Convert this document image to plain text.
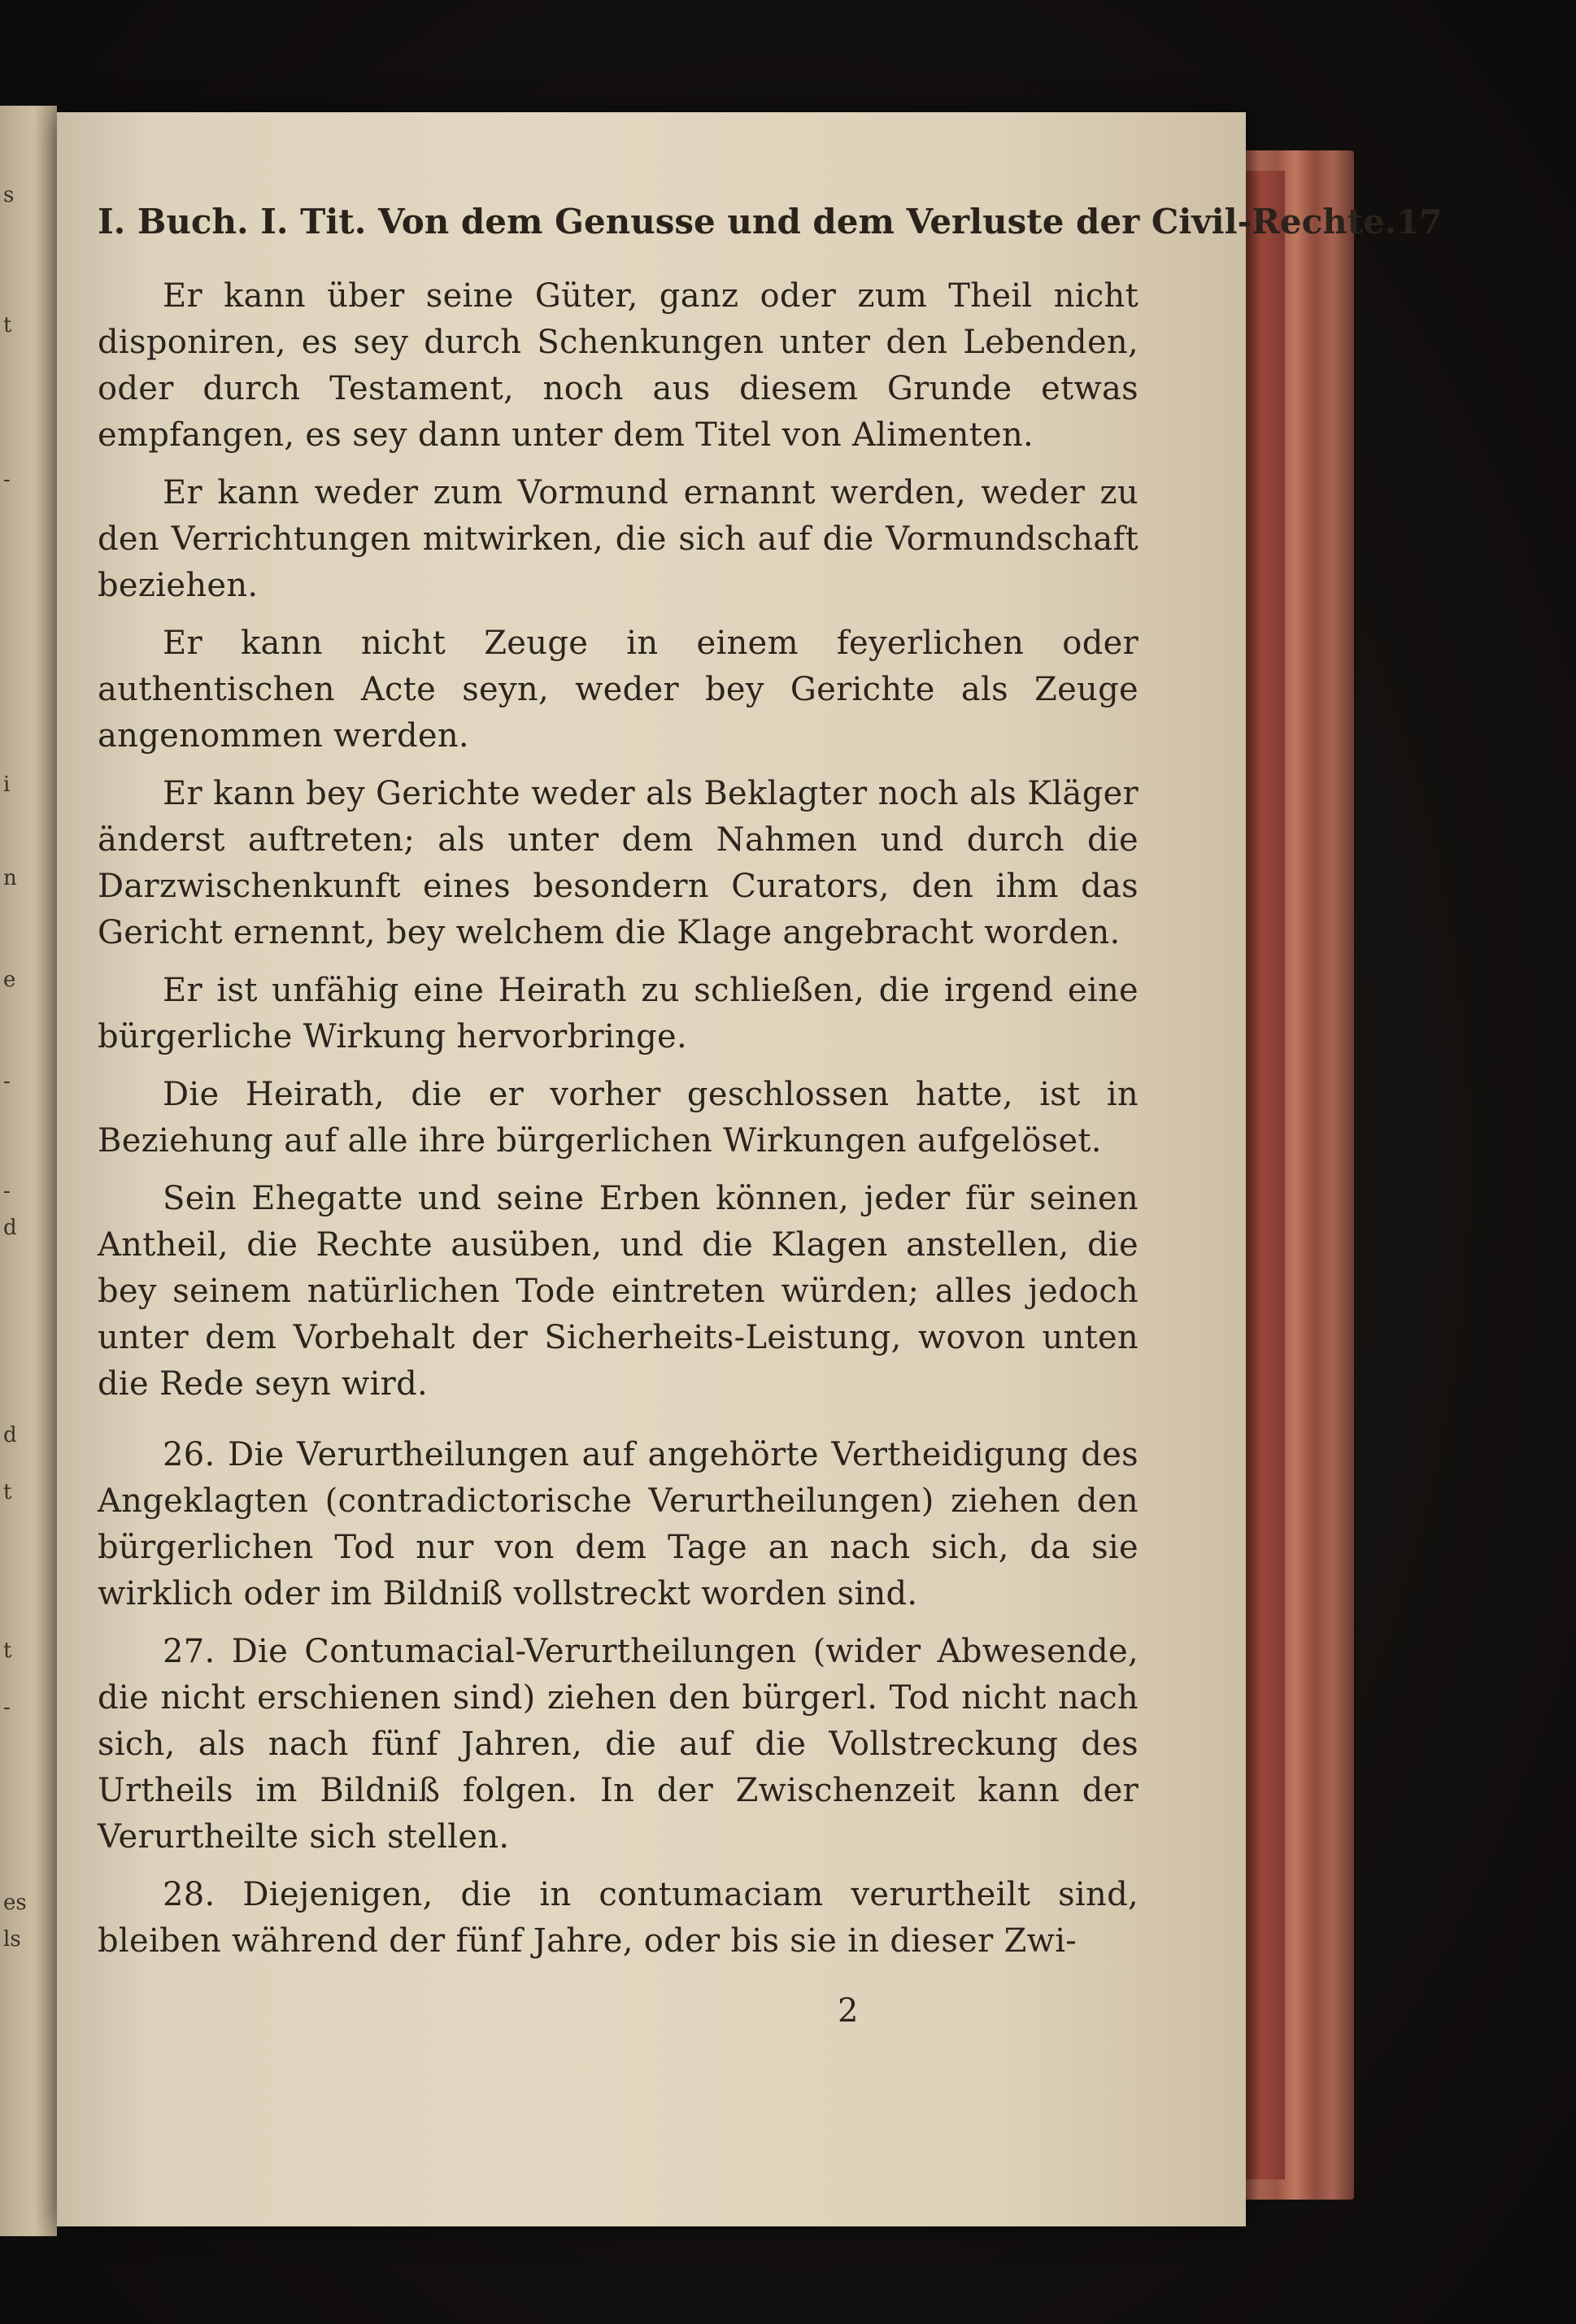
s
t
-
i
n
e
-
-
d
d
t
t
-
es
ls
I. Buch. I. Tit. Von dem Genusse und dem Verluste der Civil-Rechte. 17

Er kann über seine Güter, ganz oder zum Theil nicht disponiren, es sey durch Schenkungen unter den Lebenden, oder durch Testament, noch aus diesem Grunde etwas empfangen, es sey dann unter dem Titel von Alimenten.

Er kann weder zum Vormund ernannt werden, weder zu den Verrichtungen mitwirken, die sich auf die Vormundschaft beziehen.

Er kann nicht Zeuge in einem feyerlichen oder authentischen Acte seyn, weder bey Gerichte als Zeuge angenommen werden.

Er kann bey Gerichte weder als Beklagter noch als Kläger änderst auftreten; als unter dem Nahmen und durch die Darzwischenkunft eines besondern Curators, den ihm das Gericht ernennt, bey welchem die Klage angebracht worden.

Er ist unfähig eine Heirath zu schließen, die irgend eine bürgerliche Wirkung hervorbringe.

Die Heirath, die er vorher geschlossen hatte, ist in Beziehung auf alle ihre bürgerlichen Wirkungen aufgelöset.

Sein Ehegatte und seine Erben können, jeder für seinen Antheil, die Rechte ausüben, und die Klagen anstellen, die bey seinem natürlichen Tode eintreten würden; alles jedoch unter dem Vorbehalt der Sicherheits-Leistung, wovon unten die Rede seyn wird.

26. Die Verurtheilungen auf angehörte Vertheidigung des Angeklagten (contradictorische Verurtheilungen) ziehen den bürgerlichen Tod nur von dem Tage an nach sich, da sie wirklich oder im Bildniß vollstreckt worden sind.

27. Die Contumacial-Verurtheilungen (wider Abwesende, die nicht erschienen sind) ziehen den bürgerl. Tod nicht nach sich, als nach fünf Jahren, die auf die Vollstreckung des Urtheils im Bildniß folgen. In der Zwischenzeit kann der Verurtheilte sich stellen.

28. Diejenigen, die in contumaciam verurtheilt sind, bleiben während der fünf Jahre, oder bis sie in dieser Zwi-

2
